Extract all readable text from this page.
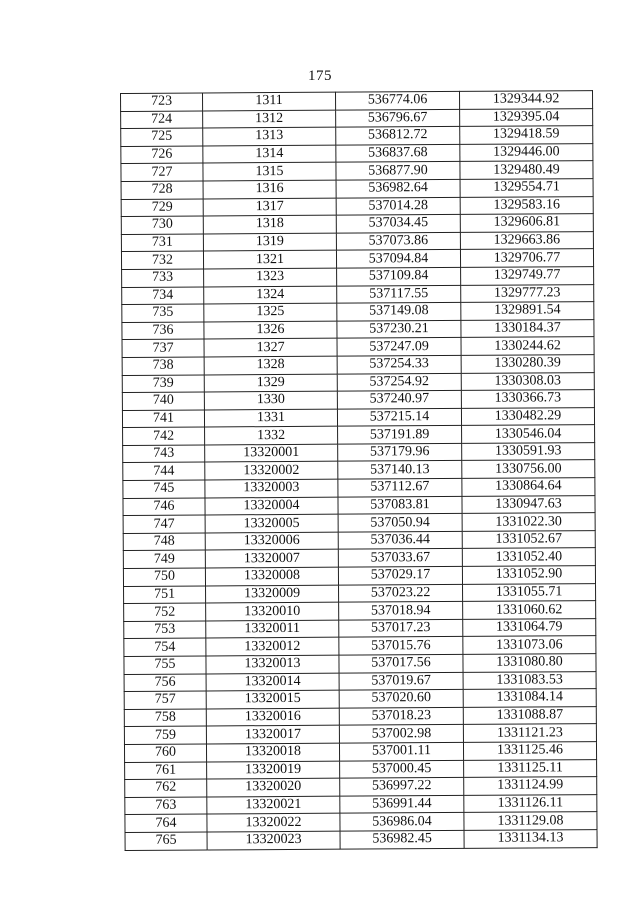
175
723	1311	536774.06	1329344.92
724	1312	536796.67	1329395.04
725	1313	536812.72	1329418.59
726	1314	536837.68	1329446.00
727	1315	536877.90	1329480.49
728	1316	536982.64	1329554.71
729	1317	537014.28	1329583.16
730	1318	537034.45	1329606.81
731	1319	537073.86	1329663.86
732	1321	537094.84	1329706.77
733	1323	537109.84	1329749.77
734	1324	537117.55	1329777.23
735	1325	537149.08	1329891.54
736	1326	537230.21	1330184.37
737	1327	537247.09	1330244.62
738	1328	537254.33	1330280.39
739	1329	537254.92	1330308.03
740	1330	537240.97	1330366.73
741	1331	537215.14	1330482.29
742	1332	537191.89	1330546.04
743	13320001	537179.96	1330591.93
744	13320002	537140.13	1330756.00
745	13320003	537112.67	1330864.64
746	13320004	537083.81	1330947.63
747	13320005	537050.94	1331022.30
748	13320006	537036.44	1331052.67
749	13320007	537033.67	1331052.40
750	13320008	537029.17	1331052.90
751	13320009	537023.22	1331055.71
752	13320010	537018.94	1331060.62
753	13320011	537017.23	1331064.79
754	13320012	537015.76	1331073.06
755	13320013	537017.56	1331080.80
756	13320014	537019.67	1331083.53
757	13320015	537020.60	1331084.14
758	13320016	537018.23	1331088.87
759	13320017	537002.98	1331121.23
760	13320018	537001.11	1331125.46
761	13320019	537000.45	1331125.11
762	13320020	536997.22	1331124.99
763	13320021	536991.44	1331126.11
764	13320022	536986.04	1331129.08
765	13320023	536982.45	1331134.13
